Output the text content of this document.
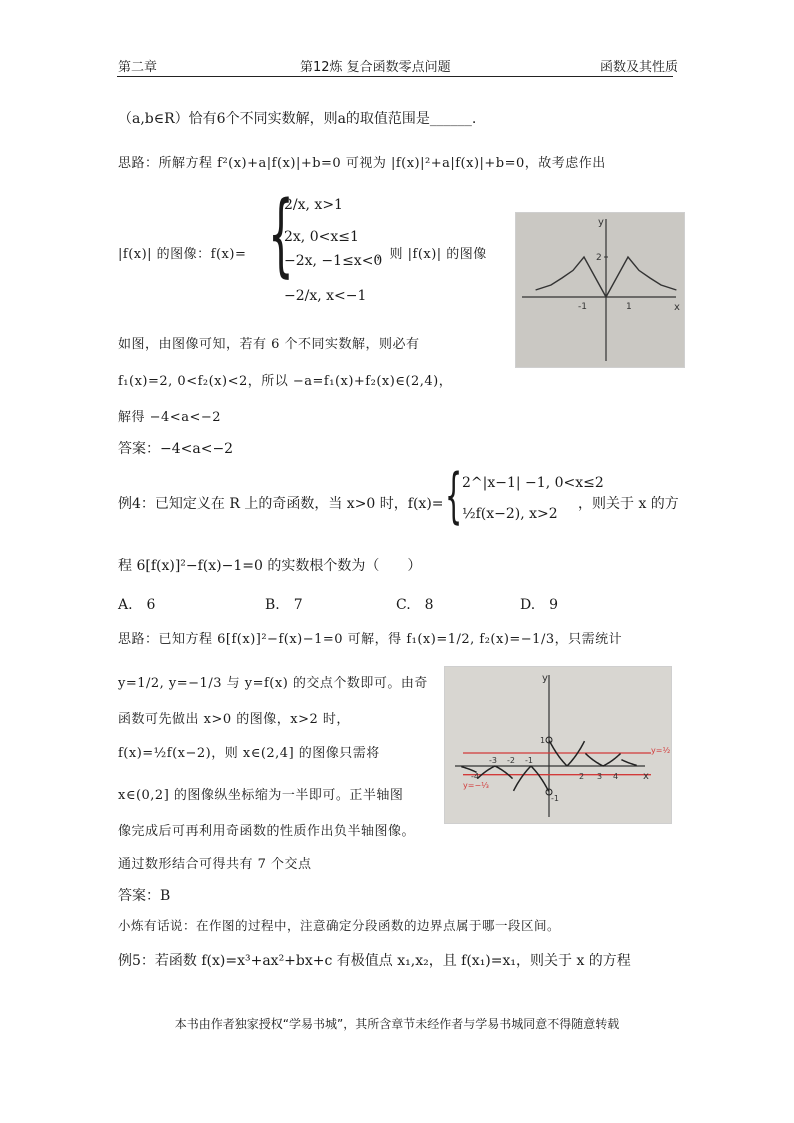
第二章	第12炼 复合函数零点问题	函数及其性质
（a,b∈R）恰有6个不同实数解，则a的取值范围是______.
思路：所解方程 f²(x)+a|f(x)|+b=0 可视为 |f(x)|²+a|f(x)|+b=0，故考虑作出
|f(x)| 的图像：f(x)= {
2/x, x>1
2x, 0<x≤1
−2x, −1≤x<0
−2/x, x<−1
，则 |f(x)| 的图像	2
-1	1
y
x
如图，由图像可知，若有 6 个不同实数解，则必有
f₁(x)=2, 0<f₂(x)<2，所以 −a=f₁(x)+f₂(x)∈(2,4)，
解得 −4<a<−2
答案：−4<a<−2
例4：已知定义在 R 上的奇函数，当 x>0 时，f(x)= { 2^|x−1| −1, 0<x≤2
½f(x−2), x>2
，则关于 x 的方
程 6[f(x)]²−f(x)−1=0 的实数根个数为（　　）
A.　6	B.　7	C.　8	D.　9
思路：已知方程 6[f(x)]²−f(x)−1=0 可解，得 f₁(x)=1/2, f₂(x)=−1/3，只需统计
y=1/2, y=−1/3 与 y=f(x) 的交点个数即可。由奇
函数可先做出 x>0 的图像，x>2 时，
f(x)=½f(x−2)，则 x∈(2,4] 的图像只需将
x∈(0,2] 的图像纵坐标缩为一半即可。正半轴图
像完成后可再利用奇函数的性质作出负半轴图像。
通过数形结合可得共有 7 个交点
y
x
y=½
y=−⅓
1
2 3 4
-1
-2
-3
-4
-1
答案：B
小炼有话说：在作图的过程中，注意确定分段函数的边界点属于哪一段区间。
例5：若函数 f(x)=x³+ax²+bx+c 有极值点 x₁,x₂，且 f(x₁)=x₁，则关于 x 的方程
本书由作者独家授权“学易书城”，其所含章节未经作者与学易书城同意不得随意转载
